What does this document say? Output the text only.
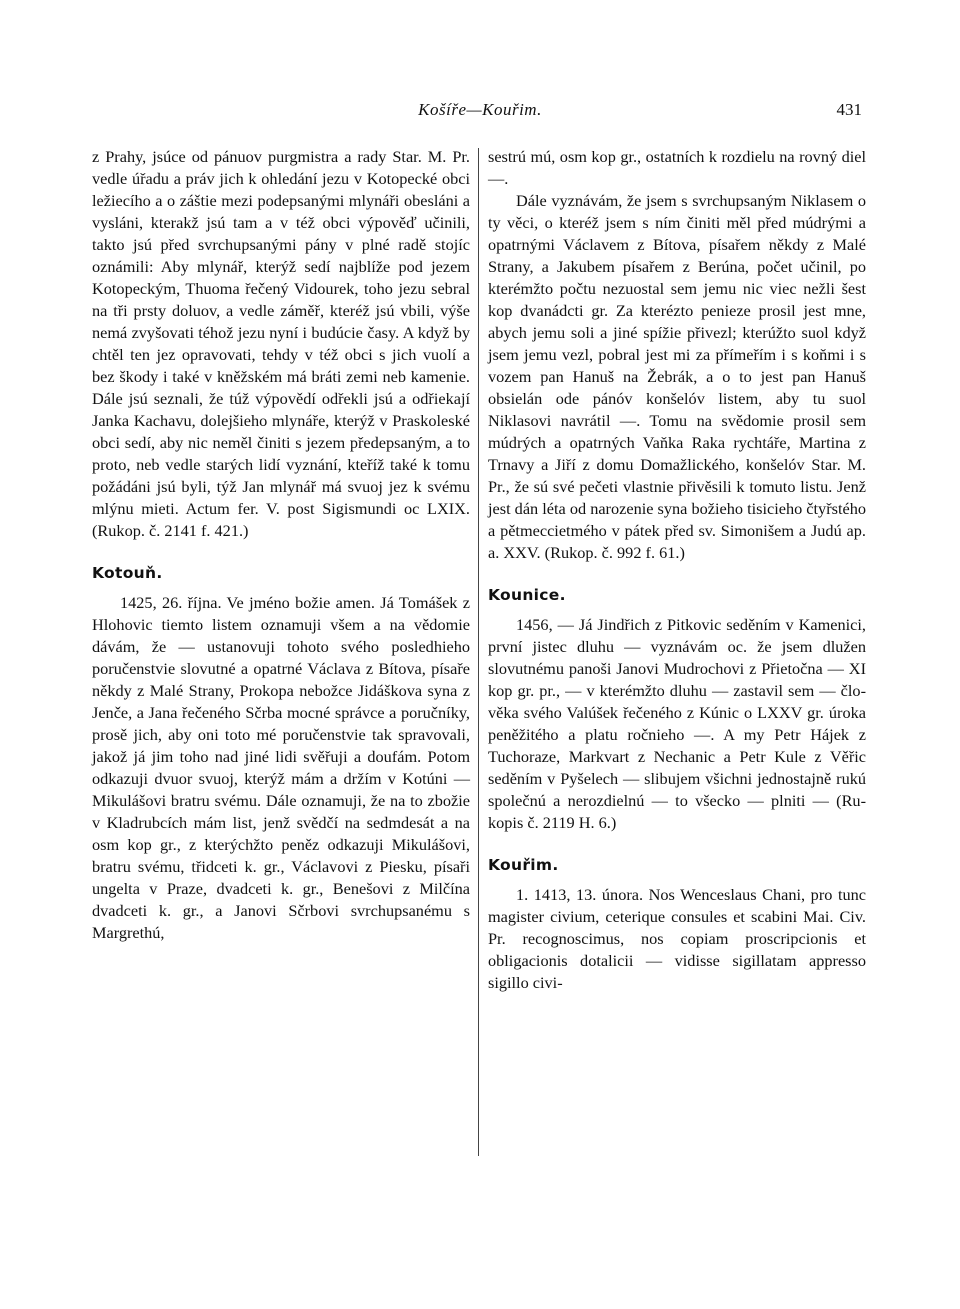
Košíře—Kouřim.	431

z Prahy, jsúce od pánuov purgmistra a rady Star. M. Pr. vedle úřadu a práv jich k ohledání jezu v Kotopecké obci ležiecího a o záštie mezi podepsanými mlynáři obesláni a vysláni, kterakž jsú tam a v též obci výpověď učinili, takto jsú před svrchupsanými pány v plné radě stojíc oznámili: Aby mlynář, kterýž sedí najblíže pod jezem Kotopeckým, Thuoma řečený Vidourek, toho jezu sebral na tři prsty doluov, a vedle záměř, kteréž jsú vbili, výše nemá zvyšovati téhož jezu nyní i budúcie časy. A když by chtěl ten jez opravovati, tehdy v též obci s jich vuolí a bez škody i také v kněžském má bráti zemi neb kamenie. Dále jsú seznali, že túž výpovědí odřekli jsú a odřiekají Janka Kachavu, dolejšieho mlynáře, kterýž v Praskoleské obci sedí, aby nic neměl činiti s jezem předepsaným, a to proto, neb vedle starých lidí vyznání, kteříž také k tomu požádáni jsú byli, týž Jan mlynář má svuoj jez k svému mlýnu mieti. Actum fer. V. post Sigismundi oc LXIX. (Rukop. č. 2141 f. 421.)

Kotouň.

1425, 26. října. Ve jméno božie amen. Já Tomášek z Hlohovic tiemto listem oznamuji všem a na vědomie dávám, že — ustanovuji tohoto svého posledhieho poručenstvie slovutné a opatrné Václava z Bítova, písaře někdy z Malé Strany, Prokopa nebožce Jidáškova syna z Jenče, a Jana řečeného Sčrba mocné správce a poručníky, prosě jich, aby oni toto mé poručenstvie tak spravovali, jakož já jim toho nad jiné lidi svěřuji a doufám. Potom odkazuji dvuor svuoj, kterýž mám a držím v Kotúni — Mikulášovi bratru svému. Dále oznamuji, že na to zbožie v Kladrubcích mám list, jenž svědčí na sedmdesát a na osm kop gr., z kterýchžto peněz odkazuji Mikulášovi, bratru svému, třidceti k. gr., Václavovi z Piesku, písaři ungelta v Praze, dvadceti k. gr., Benešovi z Milčína dvadceti k. gr., a Janovi Sčrbovi svrchupsanému s Margrethú,

sestrú mú, osm kop gr., ostatních k rozdielu na rovný diel —.

Dále vyznávám, že jsem s svrchupsaným Niklasem o ty věci, o kteréž jsem s ním činiti měl před múdrými a opatrnými Václavem z Bítova, písařem někdy z Malé Strany, a Jakubem písařem z Berúna, počet učinil, po kterémžto počtu nezuostal sem jemu nic viec nežli šest kop dvanádcti gr. Za kterézto penieze prosil jest mne, abych jemu soli a jiné spížie přivezl; kterúžto suol když jsem jemu vezl, pobral jest mi za přímeřím i s koňmi i s vozem pan Hanuš na Žebrák, a o to jest pan Hanuš obsielán ode pánóv konšelóv listem, aby tu suol Niklasovi navrátil —. Tomu na svědomie prosil sem múdrých a opatrných Vaňka Raka rychtáře, Martina z Trnavy a Jiří z domu Domažlického, konšelóv Star. M. Pr., že sú své pečeti vlastnie přivěsili k tomuto listu. Jenž jest dán léta od narozenie syna božieho tisicieho čtyřstého a pětmeccietmého v pátek před sv. Simonišem a Judú ap. a. XXV. (Rukop. č. 992 f. 61.)

Kounice.

1456, — Já Jindřich z Pitkovic seděním v Kamenici, první jistec dluhu — vyznávám oc. že jsem dlužen slovutnému panoši Janovi Mudrochovi z Přietočna — XI kop gr. pr., — v kterémžto dluhu — zastavil sem — člověka svého Valúšek řečeného z Kúnic o LXXV gr. úroka peněžitého a platu ročnieho —. A my Petr Hájek z Tuchoraze, Markvart z Nechanic a Petr Kule z Věřic seděním v Pyšelech — slibujem všichni jednostajně rukú společnú a nerozdielnú — to všecko — plniti — (Rukopis č. 2119 H. 6.)

Kouřim.

1. 1413, 13. února. Nos Wenceslaus Chani, pro tunc magister civium, ceterique consules et scabini Mai. Civ. Pr. recognoscimus, nos copiam proscripcionis et obligacionis dotalicii — vidisse sigillatam appresso sigillo civi-
